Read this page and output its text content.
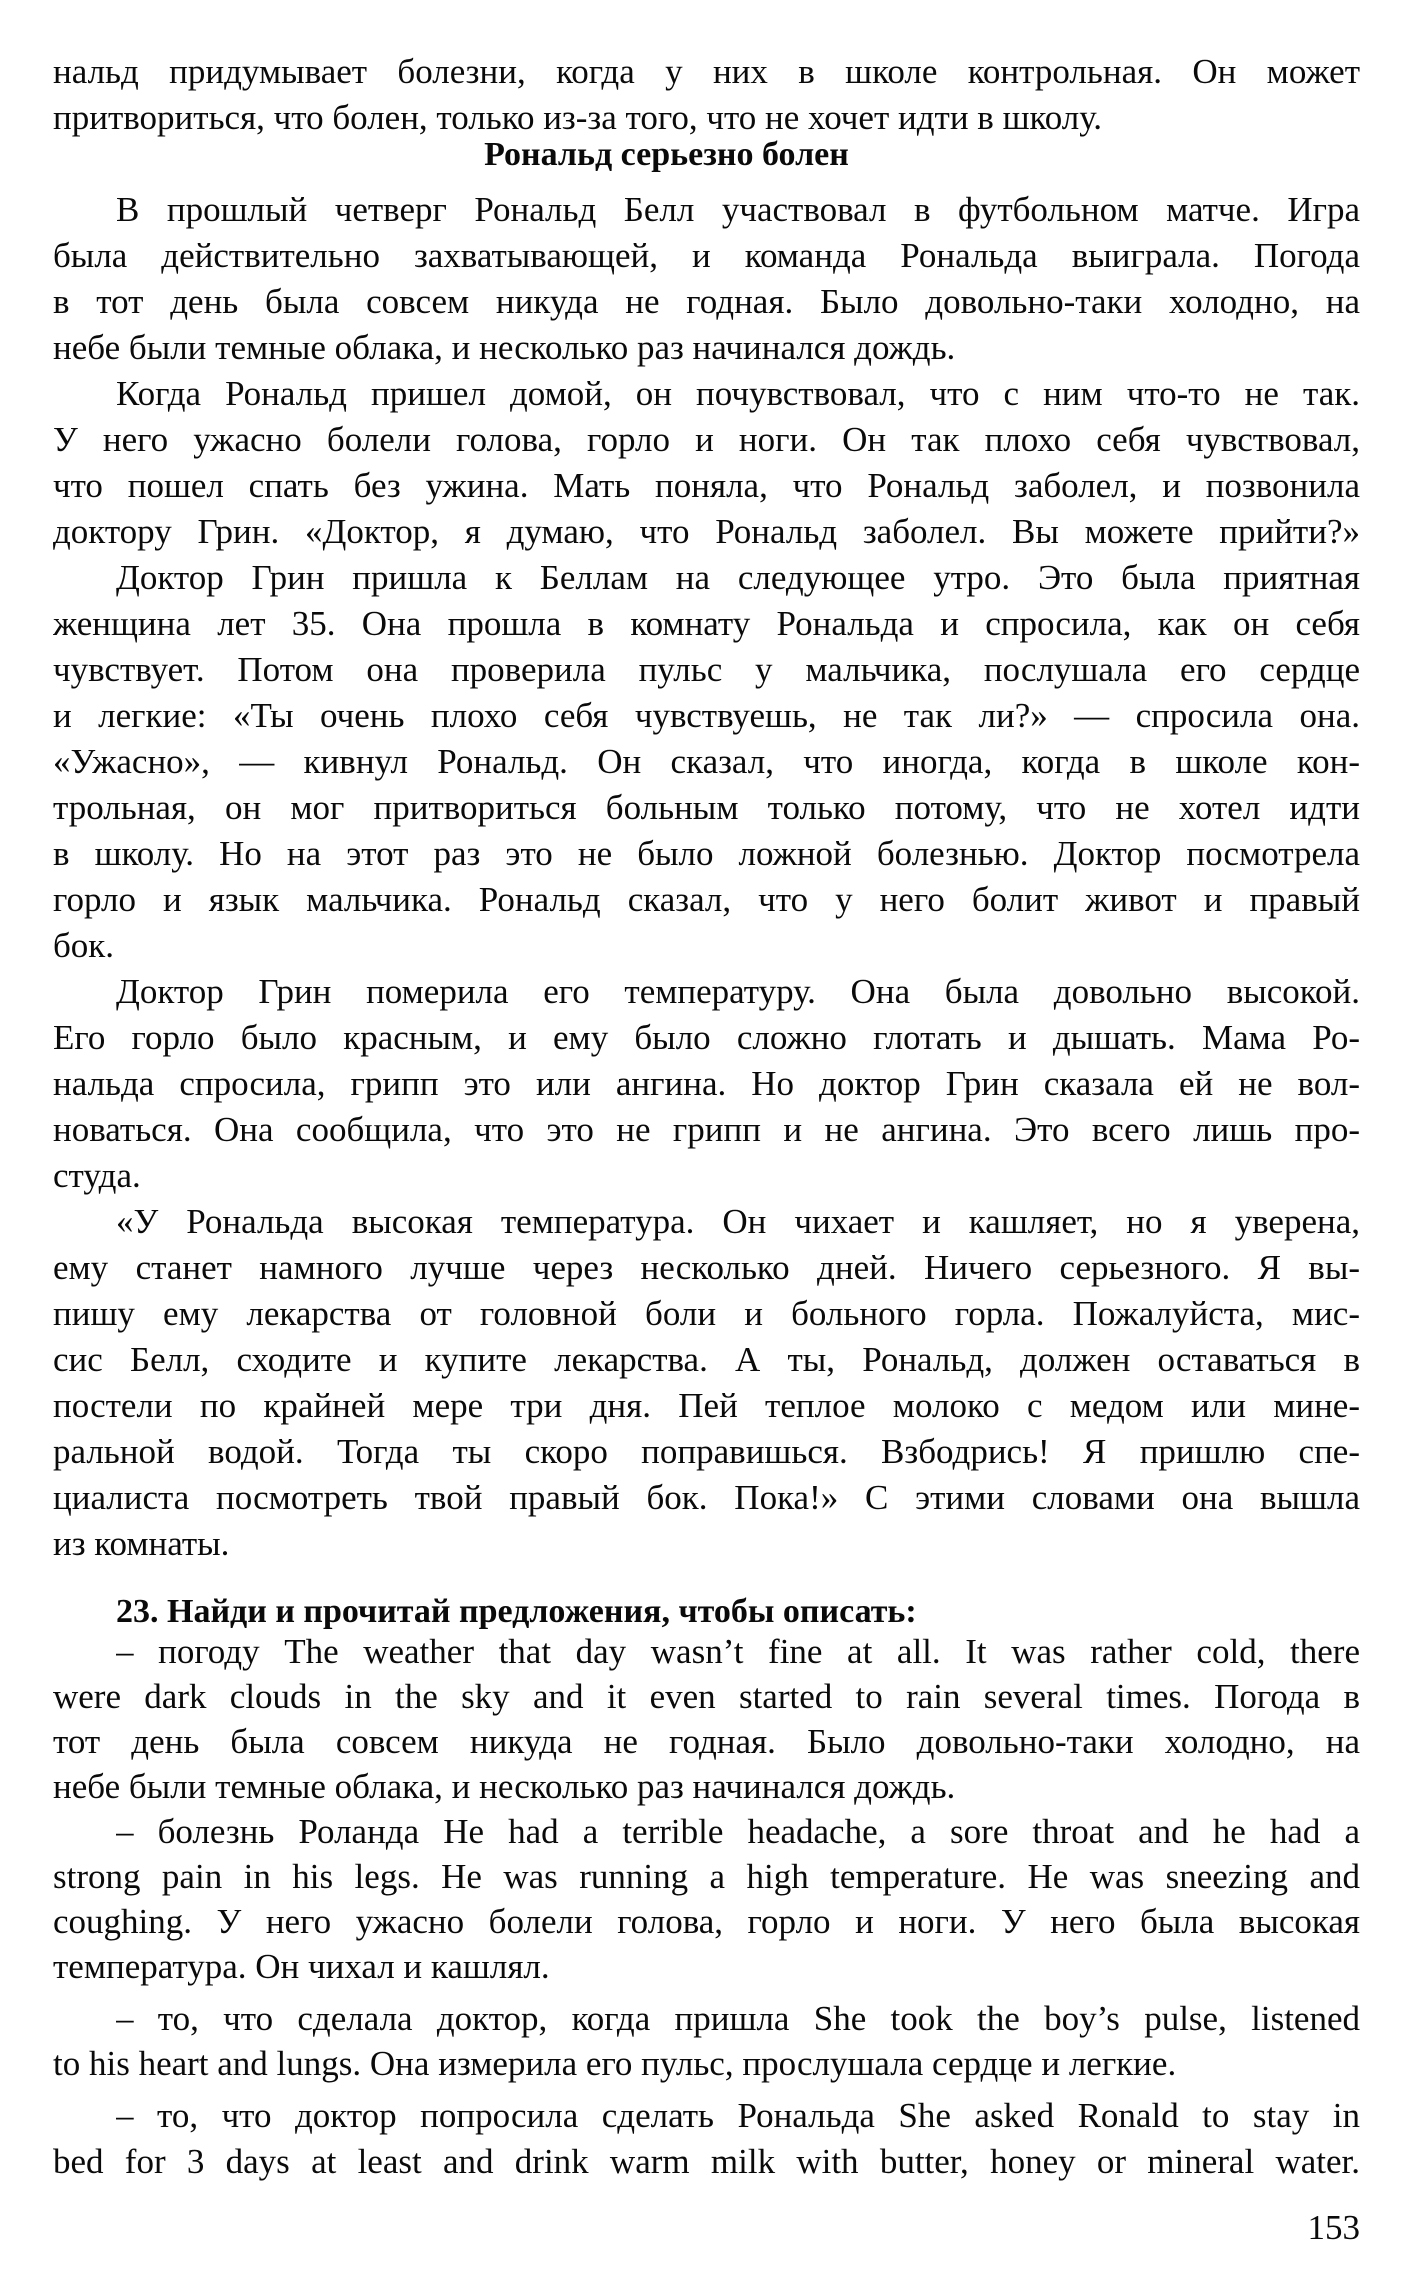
нальд придумывает болезни, когда у них в школе контрольная. Он может
притвориться, что болен, только из-за того, что не хочет идти в школу.
Рональд серьезно болен
В прошлый четверг Рональд Белл участвовал в футбольном матче. Игра
была действительно захватывающей, и команда Рональда выиграла. Погода
в тот день была совсем никуда не годная. Было довольно-таки холодно, на
небе были темные облака, и несколько раз начинался дождь.
Когда Рональд пришел домой, он почувствовал, что с ним что-то не так.
У него ужасно болели голова, горло и ноги. Он так плохо себя чувствовал,
что пошел спать без ужина. Мать поняла, что Рональд заболел, и позвонила
доктору Грин. «Доктор, я думаю, что Рональд заболел. Вы можете прийти?»
Доктор Грин пришла к Беллам на следующее утро. Это была приятная
женщина лет 35. Она прошла в комнату Рональда и спросила, как он себя
чувствует. Потом она проверила пульс у мальчика, послушала его сердце
и легкие: «Ты очень плохо себя чувствуешь, не так ли?» — спросила она.
«Ужасно», — кивнул Рональд. Он сказал, что иногда, когда в школе кон-
трольная, он мог притвориться больным только потому, что не хотел идти
в школу. Но на этот раз это не было ложной болезнью. Доктор посмотрела
горло и язык мальчика. Рональд сказал, что у него болит живот и правый
бок.
Доктор Грин померила его температуру. Она была довольно высокой.
Его горло было красным, и ему было сложно глотать и дышать. Мама Ро-
нальда спросила, грипп это или ангина. Но доктор Грин сказала ей не вол-
новаться. Она сообщила, что это не грипп и не ангина. Это всего лишь про-
студа.
«У Рональда высокая температура. Он чихает и кашляет, но я уверена,
ему станет намного лучше через несколько дней. Ничего серьезного. Я вы-
пишу ему лекарства от головной боли и больного горла. Пожалуйста, мис-
сис Белл, сходите и купите лекарства. А ты, Рональд, должен оставаться в
постели по крайней мере три дня. Пей теплое молоко с медом или мине-
ральной водой. Тогда ты скоро поправишься. Взбодрись! Я пришлю спе-
циалиста посмотреть твой правый бок. Пока!» С этими словами она вышла
из комнаты.
23. Найди и прочитай предложения, чтобы описать:
– погоду The weather that day wasn’t fine at all. It was rather cold, there
were dark clouds in the sky and it even started to rain several times. Погода в
тот день была совсем никуда не годная. Было довольно-таки холодно, на
небе были темные облака, и несколько раз начинался дождь.
– болезнь Роланда He had a terrible headache, a sore throat and he had a
strong pain in his legs. He was running a high temperature. He was sneezing and
coughing. У него ужасно болели голова, горло и ноги. У него была высокая
температура. Он чихал и кашлял.
– то, что сделала доктор, когда пришла She took the boy’s pulse, listened
to his heart and lungs. Она измерила его пульс, прослушала сердце и легкие.
– то, что доктор попросила сделать Рональда She asked Ronald to stay in
bed for 3 days at least and drink warm milk with butter, honey or mineral water.
153
